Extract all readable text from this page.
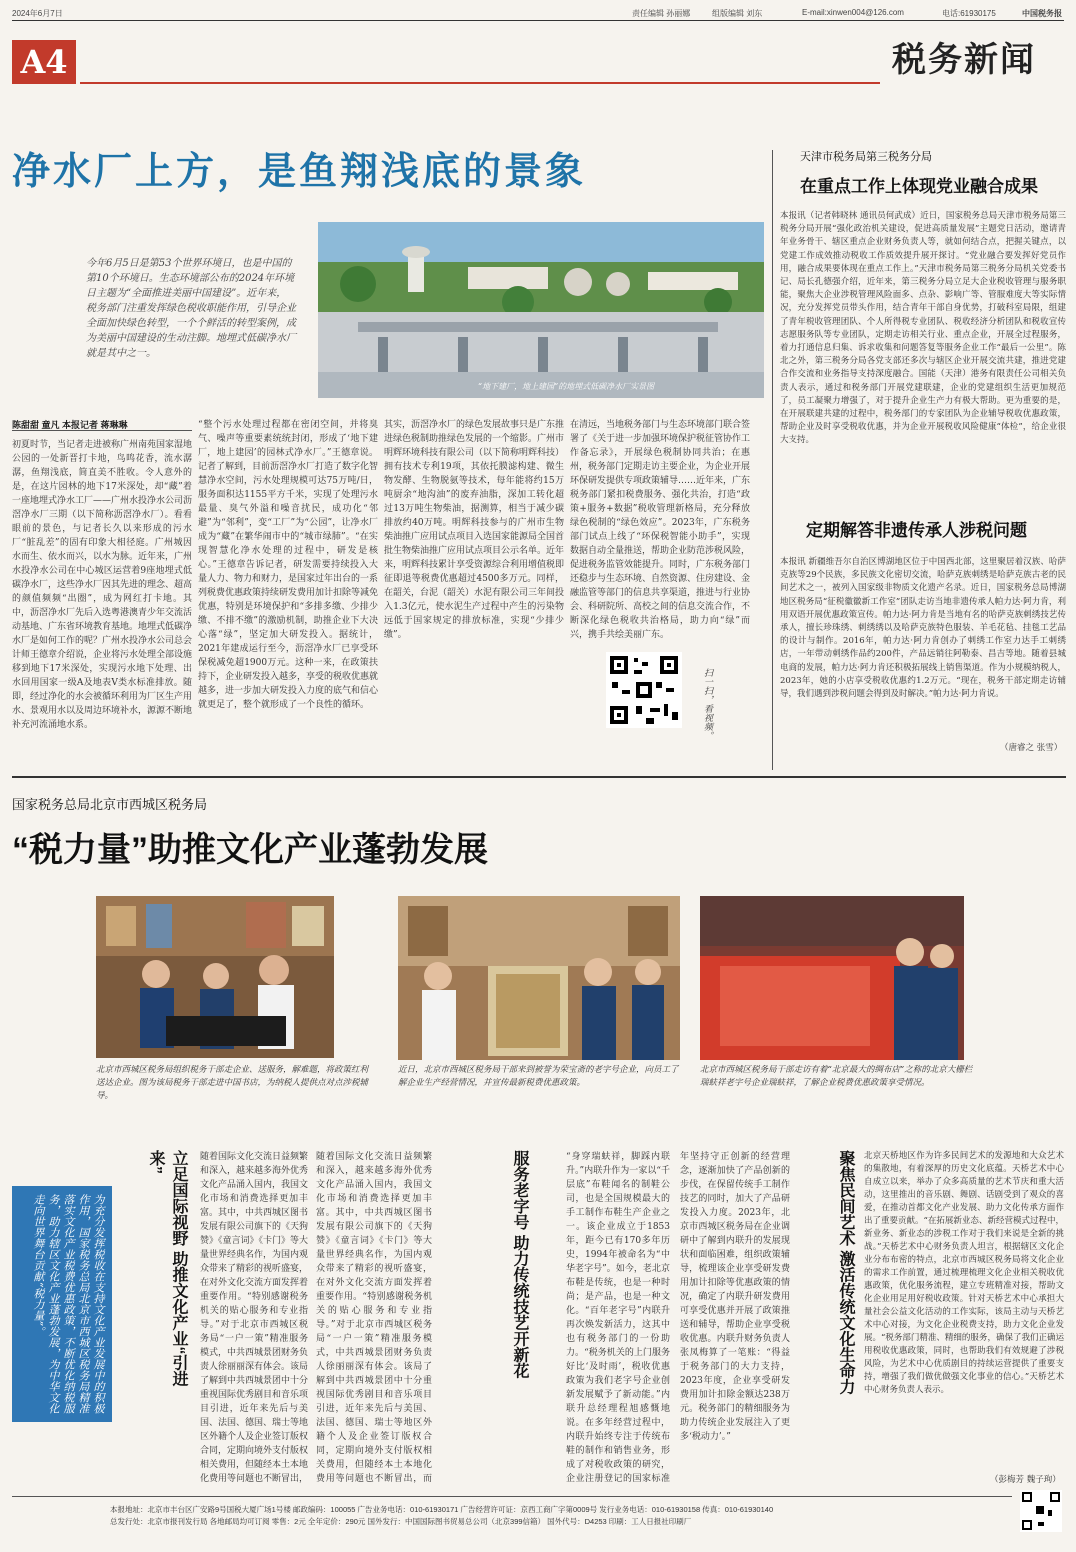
2024年6月7日	责任编辑 孙丽娜	组版编辑 刘东	E-mail:xinwen004@126.com	电话:61930175	中国税务报
A4	税务新闻
净水厂上方，是鱼翔浅底的景象
今年6月5日是第53个世界环境日，也是中国的第10个环境日。生态环境部公布的2024年环境日主题为“全面推进美丽中国建设”。近年来，税务部门注重发挥绿色税收职能作用，引导企业全面加快绿色转型，一个个鲜活的转型案例，成为美丽中国建设的生动注脚。地埋式低碳净水厂就是其中之一。
“地下建厂，地上建园”的地埋式低碳净水厂实景图
陈甜甜 童凡 本报记者 蒋琳琳
初夏时节，当记者走进被称广州南苑国家湿地公园的一处新晋打卡地，鸟鸣花香，流水潺潺，鱼翔浅底，简直美不胜收。令人意外的是，在这片园林的地下17米深处，却“藏”着一座地埋式净水工厂——广州水投净水公司沥滘净水厂三期（以下简称沥滘净水厂）。看看眼前的景色，与记者长久以来形成的污水厂“脏乱差”的固有印象大相径庭。广州城因水而生、依水而兴，以水为脉。近年来，广州水投净水公司在中心城区运营着9座地埋式低碳净水厂，这些净水厂因其先进的理念、超高的颜值频频“出圈”，成为网红打卡地。其中，沥滘净水厂先后入选粤港澳青少年交流活动基地、广东省环境教育基地。地埋式低碳净水厂是如何工作的呢？广州水投净水公司总会计师王德章介绍说，企业将污水处理全部设施移到地下17米深处，实现污水地下处理、出水回用国家一级A及地表V类水标准排放。随即，经过净化的水会被循环利用为厂区生产用水、景观用水以及周边环境补水，源源不断地补充河流涌地水系。
“整个污水处理过程都在密闭空间，并将臭气、噪声等重要素统统封闭，形成了‘地下建厂，地上建园’的园林式净水厂。”王德章说。记者了解到，目前沥滘净水厂打造了数字化智慧净水空间，污水处理规模可达75万吨/日，服务面积达1155平方千米，实现了处理污水最量、臭气外溢和噪音扰民，成功化“邻避”为“邻利”，变“工厂”为“公园”，让净水厂成为“藏”在繁华闹市中的“城市绿肺”。“在实现智慧化净水处理的过程中，研发是核心。”王德章告诉记者，研发需要持续投入大量人力、物力和财力，是国家过年出台的一系列税费优惠政策持续研发费用加计扣除等减免优惠，特别是环境保护和“多排多缴、少排少缴、不排不缴”的激励机制，助推企业下大决心落“绿”，坚定加大研发投入。据统计，2021年建成运行至今，沥滘净水厂已享受环保税减免超1900万元。这种一来，在政策扶持下，企业研发投入越多，享受的税收优惠就越多，进一步加大研发投入力度的底气和信心就更足了，整个就形成了一个良性的循环。
其实，沥滘净水厂的绿色发展故事只是广东推进绿色税制助推绿色发展的一个缩影。广州市明辉环境科技有限公司（以下简称明辉科技）拥有技术专利19项，其依托膜滤构建、微生物发酵、生物脱氨等技术，每年能将约15万吨厨余“地沟油”的废弃油脂，深加工转化超过13万吨生物柴油，据测算，相当于减少碳排放约40万吨。明辉科技参与的广州市生物柴油推广应用试点项目入选国家能源局全国首批生物柴油推广应用试点项目公示名单。近年来，明辉科技累计享受资源综合利用增值税即征即退等税费优惠超过4500多万元。同样，在韶关，台泥（韶关）水泥有限公司三年间投入1.3亿元，使水泥生产过程中产生的污染物远低于国家规定的排放标准，实现“少排少缴”。
在清远，当地税务部门与生态环境部门联合签署了《关于进一步加强环境保护税征管协作工作备忘录》，开展绿色税制协同共治；在惠州，税务部门定期走访主要企业，为企业开展环保研发提供专项政策辅导……近年来，广东税务部门紧扣税费服务、强化共治，打造“政策+服务+数据”税收管理新格局，充分释放绿色税制的“绿色效应”。2023年，广东税务部门试点上线了“环保税智能小助手”，实现数据自动全量推送，帮助企业防范涉税风险，促进税务监管效能提升。同时，广东税务部门还稳步与生态环境、自然资源、住房建设、金融监管等部门的信息共享渠道，推进与行业协会、科研院所、高校之间的信息交流合作，不断深化绿色税收共治格局，助力向“绿”而兴，携手共绘美丽广东。
扫一扫，看视频。
天津市税务局第三税务分局
在重点工作上体现党业融合成果
本报讯（记者韩晓林 通讯员何武成）近日，国家税务总局天津市税务局第三税务分局开展“强化政治机关建设，促进高质量发展”主题党日活动，邀请青年业务骨干、辖区重点企业财务负责人等，就如何结合点，把握关键点，以党建工作成效推动税收工作质效提升展开探讨。“党业融合要发挥好党员作用，融合成果要体现在重点工作上。”天津市税务局第三税务分局机关党委书记、局长孔德强介绍，近年来，第三税务分局立足大企业税收管理与服务职能，聚焦大企业涉税管理风险面多、点杂、影响广等、管服难度大等实际情况，充分发挥党员带头作用，结合青年干部自身优势，打破科室局限，组建了青年税收管理团队、个人所得税专业团队、税收经济分析团队和税收宣传志愿服务队等专业团队，定期走访相关行业、重点企业，开展全过程服务，着力打通信息归集、诉求收集和问题答复等服务企业工作“最后一公里”。陈北之外，第三税务分局各党支部还多次与辖区企业开展交流共建，推进党建合作交流和业务指导支持深度融合。国能（天津）港务有限责任公司相关负责人表示，通过和税务部门开展党建联建，企业的党建组织生活更加规范了，员工凝聚力增强了，对于提升企业生产力有极大帮助。更为重要的是，在开展联建共建的过程中，税务部门的专家团队为企业辅导税收优惠政策，帮助企业及时享受税收优惠，并为企业开展税收风险健康“体检”，给企业很大支持。
定期解答非遗传承人涉税问题
本报讯 新疆维吾尔自治区博湖地区位于中国西北部，这里聚居着汉族、哈萨克族等29个民族，多民族文化密切交流，哈萨克族刺绣是哈萨克族古老的民间艺术之一，被列入国家级非物质文化遗产名录。近日，国家税务总局博湖地区税务局“征税徽徽新工作室”团队走访当地非遗传承人帕力达·阿力肯，利用双语开展优惠政策宣传。帕力达·阿力肯是当地有名的哈萨克族刺绣技艺传承人，擅长珍珠绣、刺绣绣以及哈萨克族特色服装、羊毛花毡、挂毯工艺品的设计与制作。2016年，帕力达·阿力肯创办了刺绣工作室力达手工刺绣店，一年带动刺绣作品约200件，产品远销往阿勒泰、昌吉等地。随着县城电商的发展，帕力达·阿力肯还积极拓展线上销售渠道。作为小规模纳税人，2023年，她的小店享受税收优惠约1.2万元。“现在，税务干部定期走访辅导，我们遇到涉税问题会得到及时解决。”帕力达·阿力肯说。
（唐睿之 张雪）
国家税务总局北京市西城区税务局
“税力量”助推文化产业蓬勃发展
北京市西城区税务局组织税务干部走企业、送服务，解难题，将政策红利送达企业。图为该局税务干部走进中国书店，为纳税人提供点对点涉税辅导。
近日，北京市西城区税务局干部来到被誉为荣宝斋的老字号企业，向员工了解企业生产经营情况，并宣传最新税费优惠政策。
北京市西城区税务局干部走访有着“北京最大的绸布店”之称的北京大栅栏瑞蚨祥老字号企业瑞蚨祥，了解企业税费优惠政策享受情况。
为充分发挥税收在支持文化产业发展中的积极作用，国家税务总局北京市西城区税务局精准落实文化产业税费优惠政策，不断优化纳税服务，助力辖区文化产业蓬勃发展，为中华文化走向世界舞台贡献“税力量”。	立足国际视野 助推文化产业“引进来”	随着国际文化交流日益频繁和深入，越来越多海外优秀文化产品涌入国内，我国文化市场和消费选择更加丰富。其中，中共西城区图书发展有限公司旗下的《天狗赞》《童言词》《卡门》等大量世界经典名作，为国内观众带来了精彩的视听盛宴，在对外文化交流方面发挥着重要作用。“特别感谢税务机关的贴心服务和专业指导。”对于北京市西城区税务局“一户一策”精准服务模式，中共西城景团财务负责人徐丽丽深有体会。该局了解到中共西城景团中十分重视国际优秀剧目和音乐项目引进，近年来先后与美国、法国、德国、瑞士等地区外籍个人及企业签订版权合同，定期向境外支付版权相关费用，但随经本土本地化费用等问题也不断冒出，
随着国际文化交流日益频繁和深入，越来越多海外优秀文化产品涌入国内，我国文化市场和消费选择更加丰富。其中，中共西城区图书发展有限公司旗下的《天狗赞》《童言词》《卡门》等大量世界经典名作，为国内观众带来了精彩的视听盛宴，在对外文化交流方面发挥着重要作用。“特别感谢税务机关的贴心服务和专业指导。”对于北京市西城区税务局“一户一策”精准服务模式，中共西城景团财务负责人徐丽丽深有体会。该局了解到中共西城景团中十分重视国际优秀剧目和音乐项目引进，近年来先后与美国、法国、德国、瑞士等地区外籍个人及企业签订版权合同，定期向境外支付版权相关费用，但随经本土本地化费用等问题也不断冒出，而
服务老字号 助力传统技艺开新花	“身穿瑞蚨祥，脚踩内联升。”内联升作为一家以“千层底”布鞋闻名的制鞋公司，也是全国规模最大的手工制作布鞋生产企业之一。该企业成立于1853年，距今已有170多年历史，1994年被命名为“中华老字号”。如今，老北京布鞋是传统，也是一种时尚；是产品，也是一种文化。“百年老字号”内联升再次焕发新活力，这其中也有税务部门的一份助力。“税务机关的上门服务好比‘及时雨’，税收优惠政策为我们老字号企业创新发展赋予了新动能。”内联升总经理程旭感慨地说。在多年经营过程中，内联升始终专注于传统布鞋的制作和销售业务，形成了对税收政策的研究，企业注册登记的国家标准
年坚持守正创新的经营理念，逐渐加快了产品创新的步伐，在保留传统手工制作技艺的同时，加大了产品研发投入力度。2023年，北京市西城区税务局在企业调研中了解到内联升的发展现状和面临困难，组织政策辅导，梳理该企业享受研发费用加计扣除等优惠政策的情况，确定了内联升研发费用可享受优惠并开展了政策推送和辅导，帮助企业享受税收优惠。内联升财务负责人张凤梅算了一笔账：“得益于税务部门的大力支持，2023年度，企业享受研发费用加计扣除金额达238万元。税务部门的精细服务为助力传统企业发展注入了更多‘税动力’。”
聚焦民间艺术 激活传统文化生命力	北京天桥地区作为许多民间艺术的发源地和大众艺术的集散地，有着深厚的历史文化底蕴。天桥艺术中心自成立以来，举办了众多高质量的艺术节庆和重大活动，这里推出的音乐剧、舞剧、话剧受到了观众的喜爱，在推动首都文化产业发展、助力文化传承方面作出了重要贡献。“在拓展新业态、新经营模式过程中，新业务、新业态的涉税工作对于我们来说是全新的挑战。”天桥艺术中心财务负责人坦言，根据辖区文化企业分布布密的特点，北京市西城区税务局将文化企业的需求工作前置，通过梳理梳理文化企业相关税收优惠政策，优化服务流程，建立专班精准对接，帮助文化企业用足用好税收政策。针对天桥艺术中心承担大量社会公益文化活动的工作实际，该局主动与天桥艺术中心对接，为文化企业税费支持，助力文化企业发展。“税务部门精准、精细的服务，确保了我们正确运用税收优惠政策，同时，也帮助我们有效规避了涉税风险，为艺术中心优质剧目的持续运营提供了重要支持，增强了我们做优做强文化事业的信心。”天桥艺术中心财务负责人表示。
（彭梅芳 魏子珣）
本报地址：北京市丰台区广安路9号国税大厦广场1号楼 邮政编码：100055 广告业务电话：010-61930171 广告经营许可证：京西工商广字第0009号 发行业务电话：010-61930158 传真：010-61930140
总发行处：北京市报刊发行局 各地邮局均可订阅 零售：2元 全年定价：290元 国外发行：中国国际图书贸易总公司（北京399信箱） 国外代号：D4253 印刷：工人日报社印刷厂
